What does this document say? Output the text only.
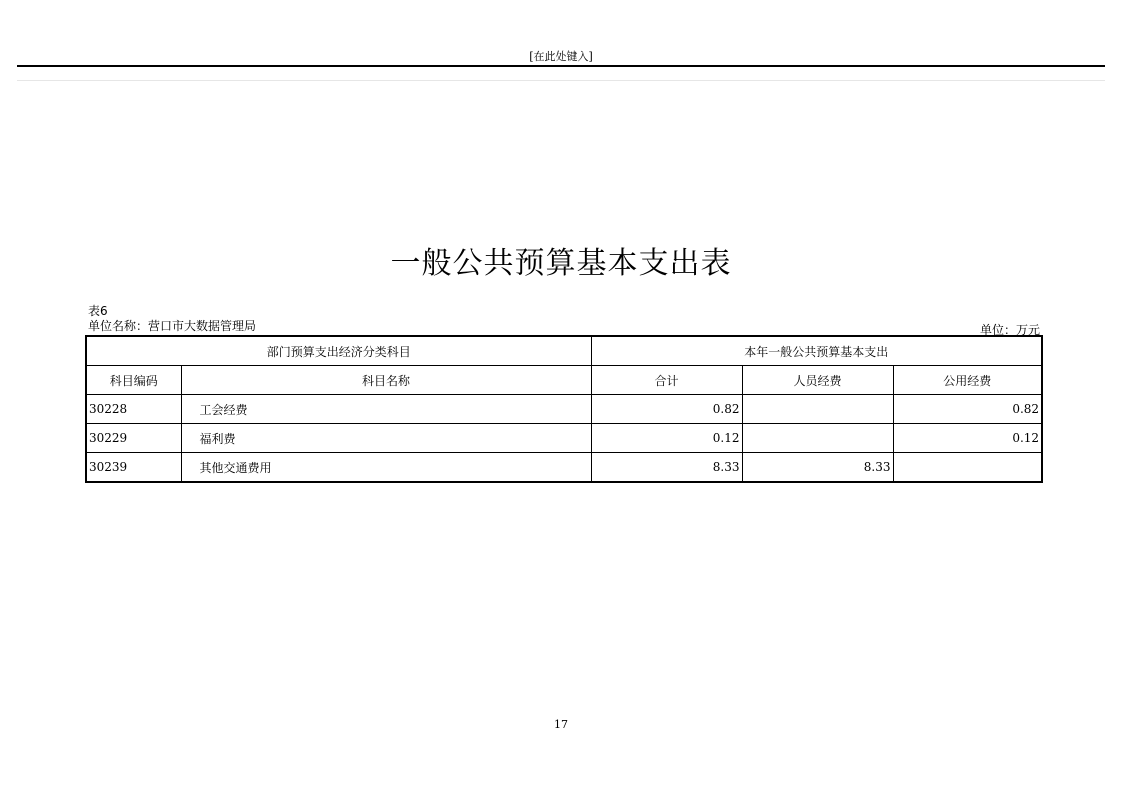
[在此处键入]
一般公共预算基本支出表
表6
单位名称：营口市大数据管理局	单位：万元
部门预算支出经济分类科目		本年一般公共预算基本支出		
科目编码	科目名称	合计	人员经费	公用经费
30228	工会经费	0.82		0.82
30229	福利费	0.12		0.12
30239	其他交通费用	8.33	8.33	
17
